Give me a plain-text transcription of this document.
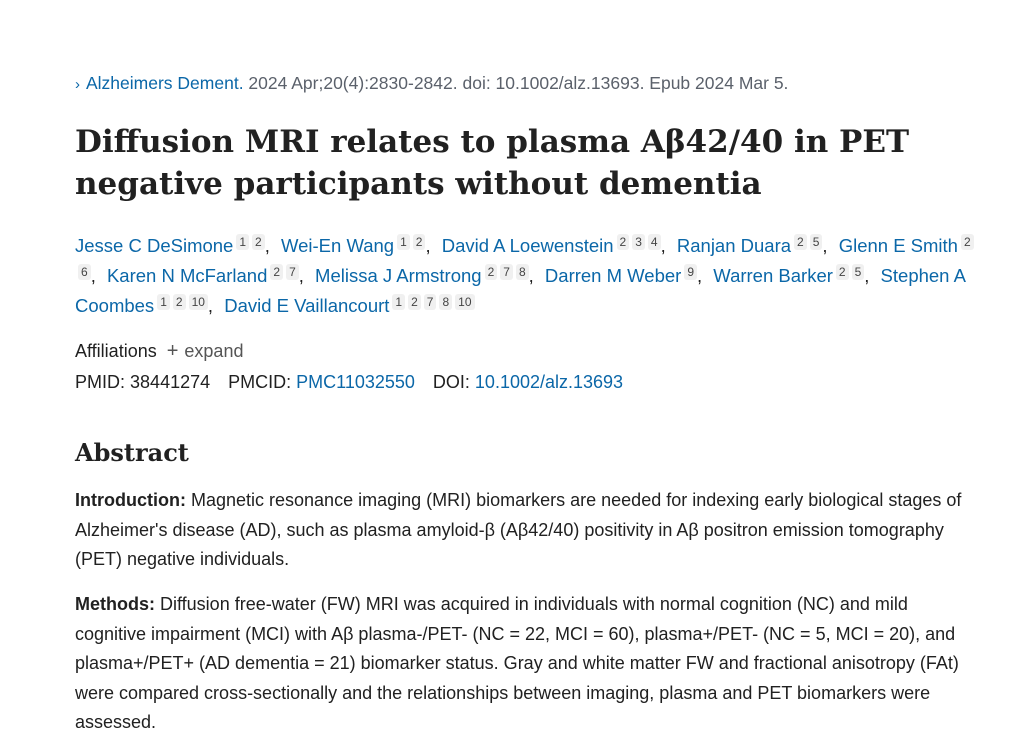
› Alzheimers Dement. 2024 Apr;20(4):2830-2842. doi: 10.1002/alz.13693. Epub 2024 Mar 5.
Diffusion MRI relates to plasma Aβ42/40 in PET negative participants without dementia
Jesse C DeSimone 1 2 , Wei-En Wang 1 2 , David A Loewenstein 2 3 4 , Ranjan Duara 2 5 , Glenn E Smith 26 , Karen N McFarland 2 7 , Melissa J Armstrong 2 7 8 , Darren M Weber 9 , Warren Barker 2 5 , Stephen A Coombes 1 2 10 , David E Vaillancourt 1 2 7 8 10
Affiliations + expand
PMID: 38441274 PMCID: PMC11032550 DOI: 10.1002/alz.13693
Abstract

Introduction: Magnetic resonance imaging (MRI) biomarkers are needed for indexing early biological stages of Alzheimer's disease (AD), such as plasma amyloid-β (Aβ42/40) positivity in Aβ positron emission tomography (PET) negative individuals.

Methods: Diffusion free-water (FW) MRI was acquired in individuals with normal cognition (NC) and mild cognitive impairment (MCI) with Aβ plasma-/PET- (NC = 22, MCI = 60), plasma+/PET- (NC = 5, MCI = 20), and plasma+/PET+ (AD dementia = 21) biomarker status. Gray and white matter FW and fractional anisotropy (FAt) were compared cross-sectionally and the relationships between imaging, plasma and PET biomarkers were assessed.
